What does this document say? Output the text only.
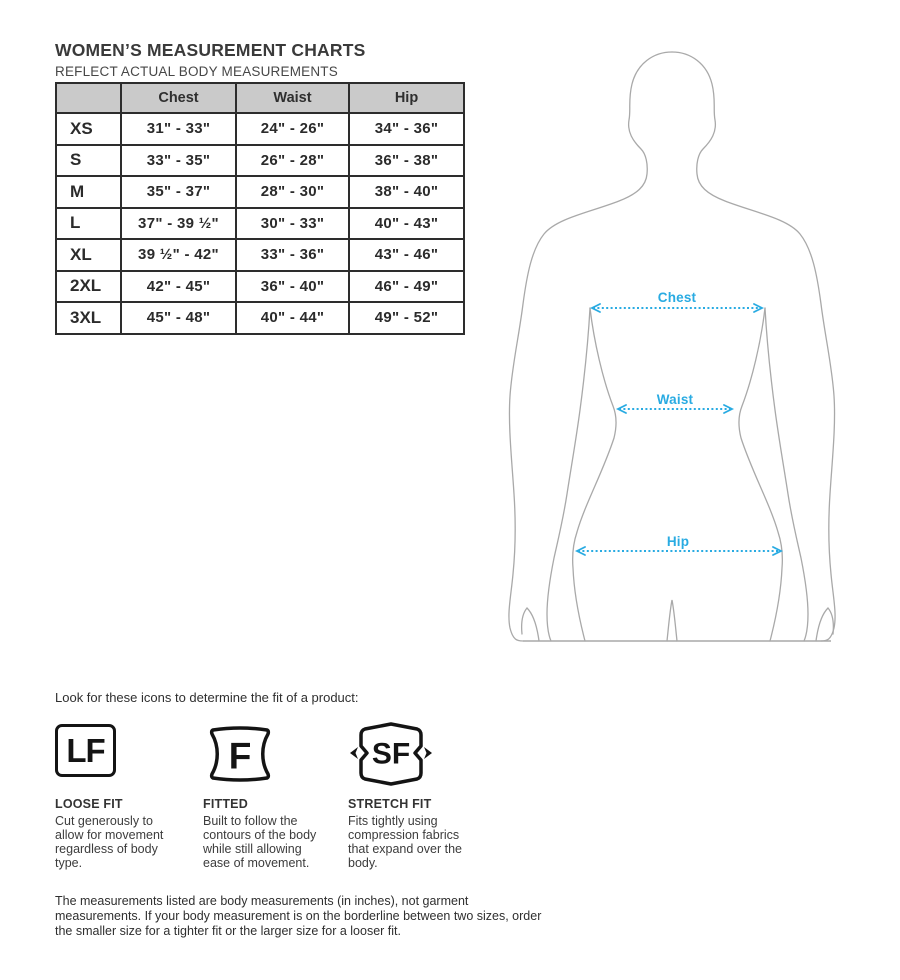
WOMEN’S MEASUREMENT CHARTS
REFLECT ACTUAL BODY MEASUREMENTS
	Chest	Waist	Hip
XS	31" - 33"	24" - 26"	34" - 36"
S	33" - 35"	26" - 28"	36" - 38"
M	35" - 37"	28" - 30"	38" - 40"
L	37" - 39 ½"	30" - 33"	40" - 43"
XL	39 ½" - 42"	33" - 36"	43" - 46"
2XL	42" - 45"	36" - 40"	46" - 49"
3XL	45" - 48"	40" - 44"	49" - 52"
Chest
Waist
Hip
Look for these icons to determine the fit of a product:
LF
LOOSE FIT
Cut generously to allow for movement regardless of body type.
F
FITTED
Built to follow the contours of the body while still allowing ease of movement.
SF
STRETCH FIT
Fits tightly using compression fabrics that expand over the body.
The measurements listed are body measurements (in inches), not garment measurements. If your body measurement is on the borderline between two sizes, order the smaller size for a tighter fit or the larger size for a looser fit.
